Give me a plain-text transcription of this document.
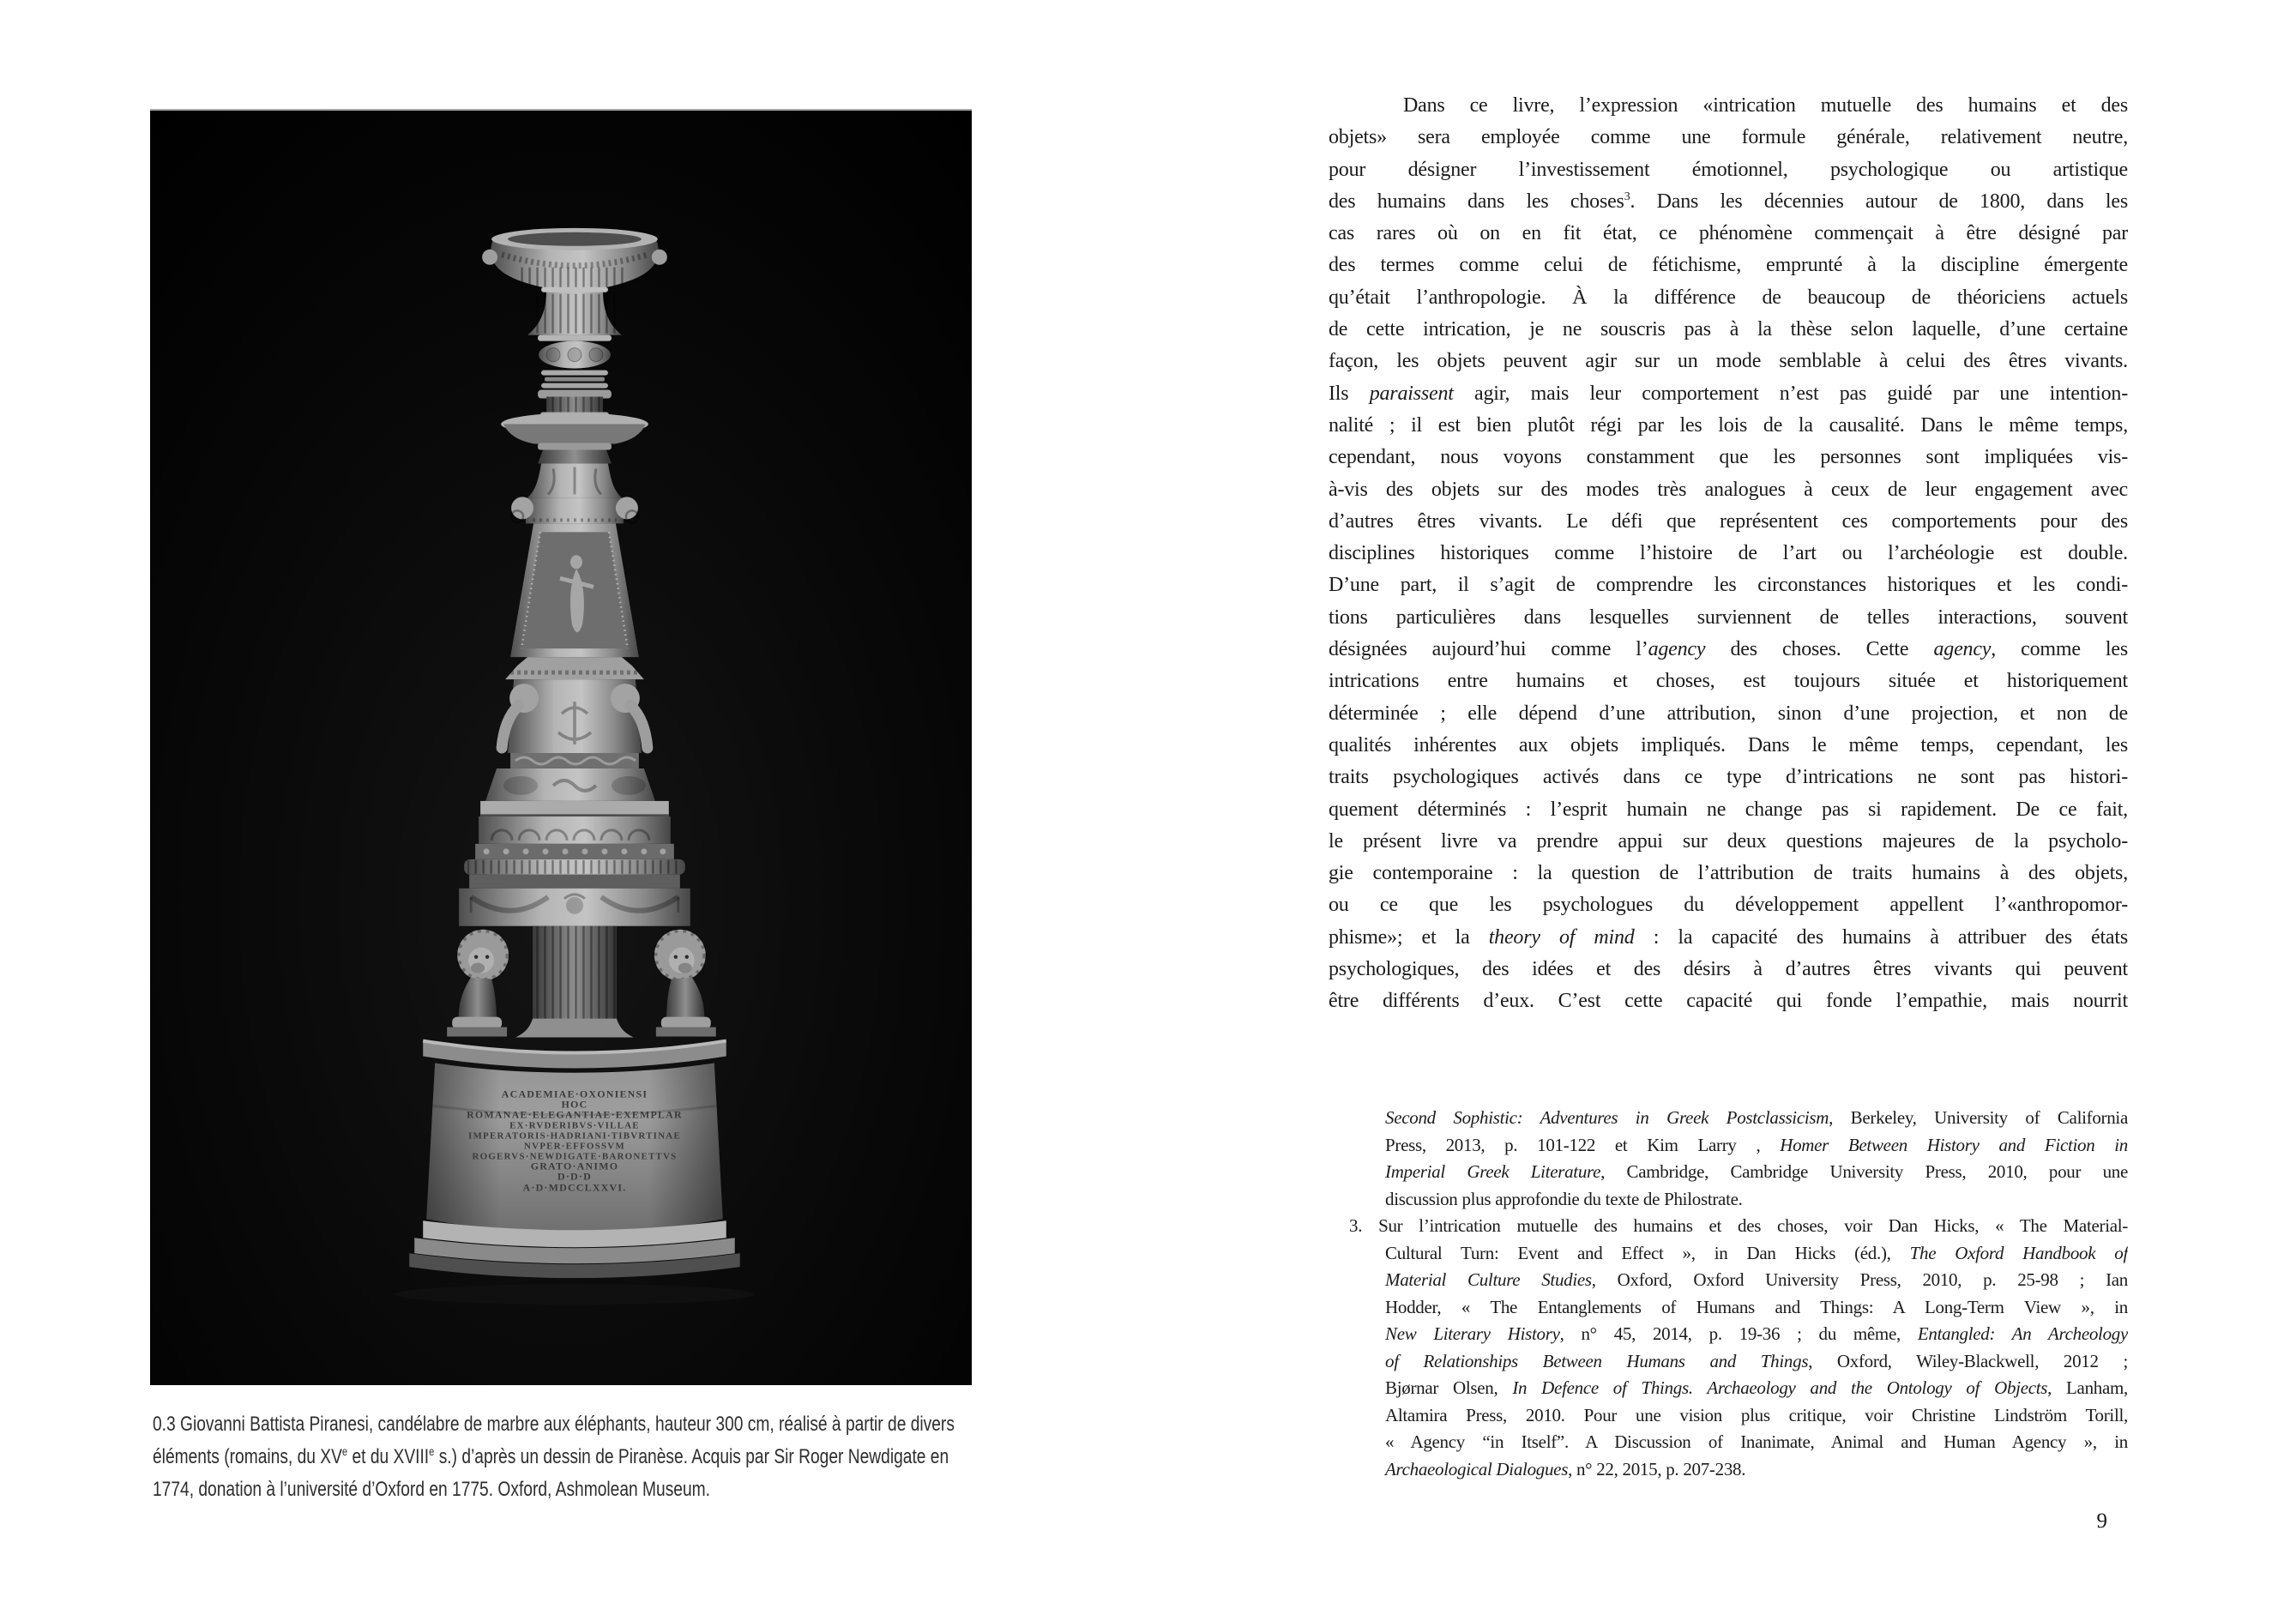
ACADEMIAE·OXONIENSI
HOC
ROMANAE·ELEGANTIAE·EXEMPLAR
EX·RVDERIBVS·VILLAE
IMPERATORIS·HADRIANI·TIBVRTINAE
NVPER·EFFOSSVM
ROGERVS·NEWDIGATE·BARONETTVS
GRATO·ANIMO
D·D·D
A·D·MDCCLXXVI.
0.3 Giovanni Battista Piranesi, candélabre de marbre aux éléphants, hauteur 300 cm, réalisé à partir de divers
éléments (romains, du XVe et du XVIIIe s.) d’après un dessin de Piranèse. Acquis par Sir Roger Newdigate en
1774, donation à l’université d’Oxford en 1775. Oxford, Ashmolean Museum.
Dans ce livre, l’expression «intrication mutuelle des humains et des
objets» sera employée comme une formule générale, relativement neutre,
pour désigner l’investissement émotionnel, psychologique ou artistique
des humains dans les choses$^3$. Dans les décennies autour de 1800, dans les
cas rares où on en fit état, ce phénomène commençait à être désigné par
des termes comme celui de fétichisme, emprunté à la discipline émergente
qu’était l’anthropologie. À la différence de beaucoup de théoriciens actuels
de cette intrication, je ne souscris pas à la thèse selon laquelle, d’une certaine
façon, les objets peuvent agir sur un mode semblable à celui des êtres vivants.
Ils paraissent agir, mais leur comportement n’est pas guidé par une intention-
nalité ; il est bien plutôt régi par les lois de la causalité. Dans le même temps,
cependant, nous voyons constamment que les personnes sont impliquées vis-
à-vis des objets sur des modes très analogues à ceux de leur engagement avec
d’autres êtres vivants. Le défi que représentent ces comportements pour des
disciplines historiques comme l’histoire de l’art ou l’archéologie est double.
D’une part, il s’agit de comprendre les circonstances historiques et les condi-
tions particulières dans lesquelles surviennent de telles interactions, souvent
désignées aujourd’hui comme l’agency des choses. Cette agency, comme les
intrications entre humains et choses, est toujours située et historiquement
déterminée ; elle dépend d’une attribution, sinon d’une projection, et non de
qualités inhérentes aux objets impliqués. Dans le même temps, cependant, les
traits psychologiques activés dans ce type d’intrications ne sont pas histori-
quement déterminés : l’esprit humain ne change pas si rapidement. De ce fait,
le présent livre va prendre appui sur deux questions majeures de la psycholo-
gie contemporaine : la question de l’attribution de traits humains à des objets,
ou ce que les psychologues du développement appellent l’«anthropomor-
phisme»; et la theory of mind : la capacité des humains à attribuer des états
psychologiques, des idées et des désirs à d’autres êtres vivants qui peuvent
être différents d’eux. C’est cette capacité qui fonde l’empathie, mais nourrit
Second Sophistic: Adventures in Greek Postclassicism, Berkeley, University of California
Press, 2013, p. 101-122 et Kim Larry , Homer Between History and Fiction in
Imperial Greek Literature, Cambridge, Cambridge University Press, 2010, pour une
discussion plus approfondie du texte de Philostrate.
3. Sur l’intrication mutuelle des humains et des choses, voir Dan Hicks, « The Material-
Cultural Turn: Event and Effect », in Dan Hicks (éd.), The Oxford Handbook of
Material Culture Studies, Oxford, Oxford University Press, 2010, p. 25-98 ; Ian
Hodder, « The Entanglements of Humans and Things: A Long-Term View », in
New Literary History, n° 45, 2014, p. 19-36 ; du même, Entangled: An Archeology
of Relationships Between Humans and Things, Oxford, Wiley-Blackwell, 2012 ;
Bjørnar Olsen, In Defence of Things. Archaeology and the Ontology of Objects, Lanham,
Altamira Press, 2010. Pour une vision plus critique, voir Christine Lindström Torill,
« Agency “in Itself”. A Discussion of Inanimate, Animal and Human Agency », in
Archaeological Dialogues, n° 22, 2015, p. 207-238.
9
